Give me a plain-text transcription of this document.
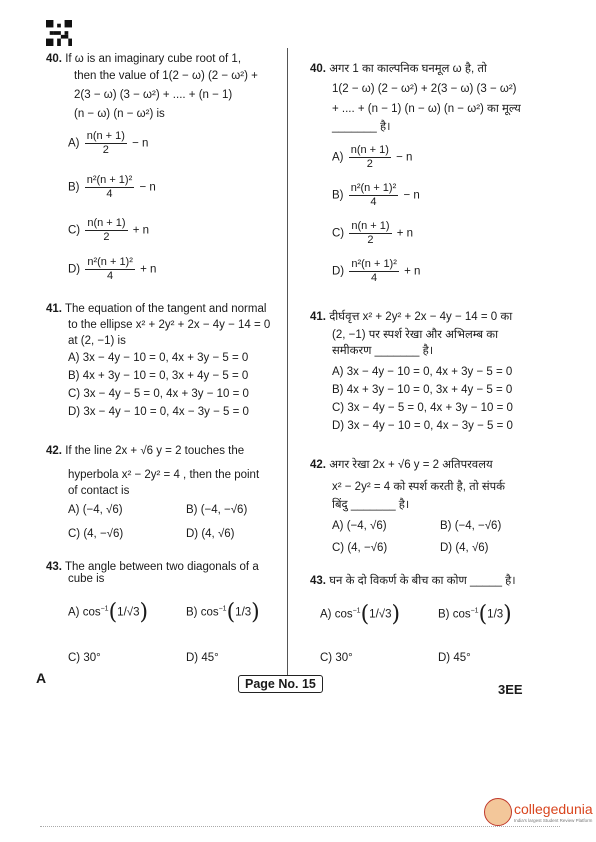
40. If ω is an imaginary cube root of 1,
then the value of 1(2 − ω) (2 − ω²) +
2(3 − ω) (3 − ω²) + .... + (n − 1)
(n − ω) (n − ω²) is
$A) \frac{n(n + 1)}{2} - n$
$B) \frac{\text{n²(n + 1)²}}{4} - n$
$C) \frac{n(n + 1)}{2} + n$
$D) \frac{\text{n²(n + 1)²}}{4} + n$
41. The equation of the tangent and normal
to the ellipse x² + 2y² + 2x − 4y − 14 = 0
at (2, −1) is
A) 3x − 4y − 10 = 0, 4x + 3y − 5 = 0
B) 4x + 3y − 10 = 0, 3x + 4y − 5 = 0
C) 3x − 4y − 5 = 0, 4x + 3y − 10 = 0
D) 3x − 4y − 10 = 0, 4x − 3y − 5 = 0
42. If the line 2x + √6 y = 2 touches the
hyperbola x² − 2y² = 4 , then the point
of contact is
A) (−4, √6)	B) (−4, −√6)
C) (4, −√6)	D) (4, √6)
43. The angle between two diagonals of a
cube is
A) $\cos^{-1}(1/√3)$	B) $\cos^{-1}(1/3)$
C) 30°	D) 45°
40. अगर 1 का काल्पनिक घनमूल ω है, तो
1(2 − ω) (2 − ω²) + 2(3 − ω) (3 − ω²)
+ .... + (n − 1) (n − ω) (n − ω²) का मूल्य
_______ है।
$A) \frac{n(n + 1)}{2} - n$
$B) \frac{\text{n²(n + 1)²}}{4} - n$
$C) \frac{n(n + 1)}{2} + n$
$D) \frac{\text{n²(n + 1)²}}{4} + n$
41. दीर्घवृत्त x² + 2y² + 2x − 4y − 14 = 0 का
(2, −1) पर स्पर्श रेखा और अभिलम्ब का
समीकरण _______ है।
A) 3x − 4y − 10 = 0, 4x + 3y − 5 = 0
B) 4x + 3y − 10 = 0, 3x + 4y − 5 = 0
C) 3x − 4y − 5 = 0, 4x + 3y − 10 = 0
D) 3x − 4y − 10 = 0, 4x − 3y − 5 = 0
42. अगर रेखा 2x + √6 y = 2 अतिपरवलय
x² − 2y² = 4 को स्पर्श करती है, तो संपर्क
बिंदु _______ है।
A) (−4, √6)	B) (−4, −√6)
C) (4, −√6)	D) (4, √6)
43. घन के दो विकर्ण के बीच का कोण _____ है।
A) $\cos^{-1}(1/√3)$	B) $\cos^{-1}(1/3)$
C) 30°	D) 45°
A	Page No. 15	3EE
collegedunia
India's largest Student Review Platform
